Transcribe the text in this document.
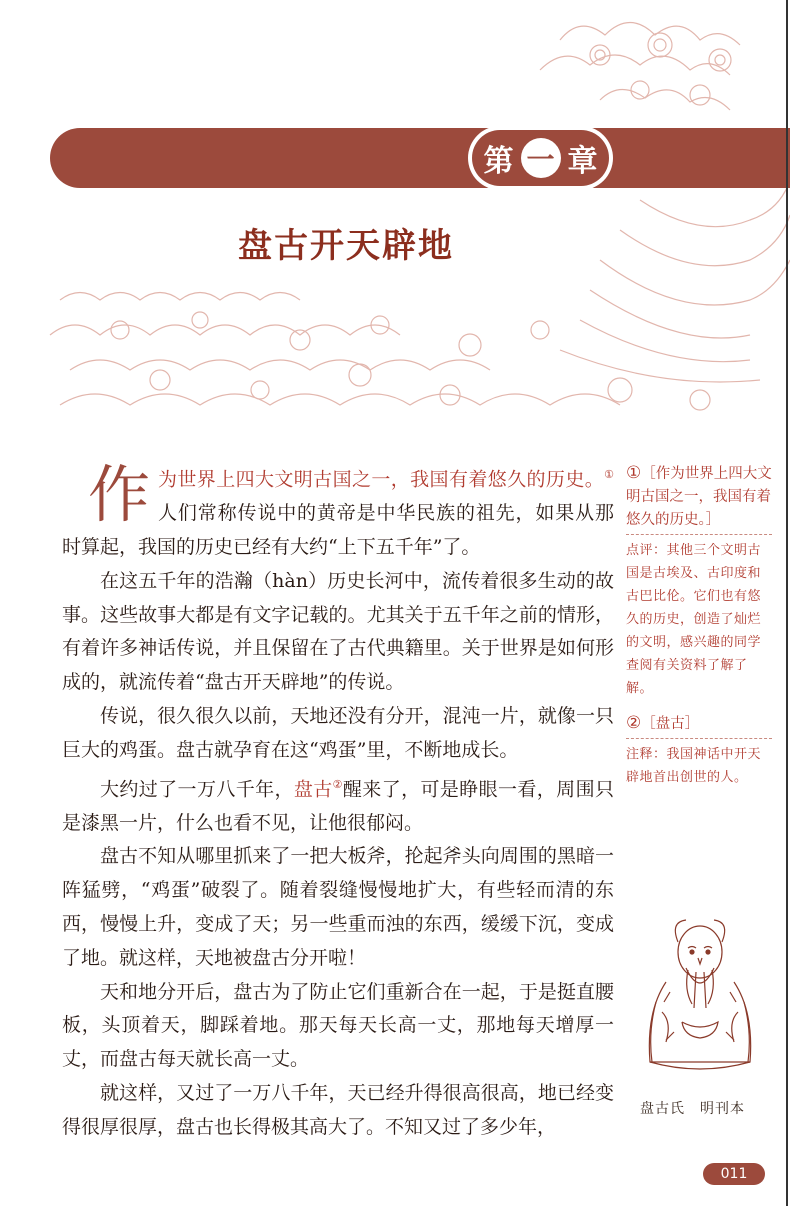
第 一 章
盘古开天辟地

作 为世界上四大文明古国之一，我国有着悠久的历史。①人们常称传说中的黄帝是中华民族的祖先，如果从那时算起，我国的历史已经有大约“上下五千年”了。

在这五千年的浩瀚（hàn）历史长河中，流传着很多生动的故事。这些故事大都是有文字记载的。尤其关于五千年之前的情形，有着许多神话传说，并且保留在了古代典籍里。关于世界是如何形成的，就流传着“盘古开天辟地”的传说。

传说，很久很久以前，天地还没有分开，混沌一片，就像一只巨大的鸡蛋。盘古就孕育在这“鸡蛋”里，不断地成长。

大约过了一万八千年，盘古②醒来了，可是睁眼一看，周围只是漆黑一片，什么也看不见，让他很郁闷。

盘古不知从哪里抓来了一把大板斧，抡起斧头向周围的黑暗一阵猛劈，“鸡蛋”破裂了。随着裂缝慢慢地扩大，有些轻而清的东西，慢慢上升，变成了天；另一些重而浊的东西，缓缓下沉，变成了地。就这样，天地被盘古分开啦！

天和地分开后，盘古为了防止它们重新合在一起，于是挺直腰板，头顶着天，脚踩着地。那天每天长高一丈，那地每天增厚一丈，而盘古每天就长高一丈。

就这样，又过了一万八千年，天已经升得很高很高，地已经变得很厚很厚，盘古也长得极其高大了。不知又过了多少年，

①［作为世界上四大文明古国之一，我国有着悠久的历史。］

点评：其他三个文明古国是古埃及、古印度和古巴比伦。它们也有悠久的历史，创造了灿烂的文明，感兴趣的同学查阅有关资料了解了解。

②［盘古］

注释：我国神话中开天辟地首出创世的人。

盘古氏　明刊本
011
